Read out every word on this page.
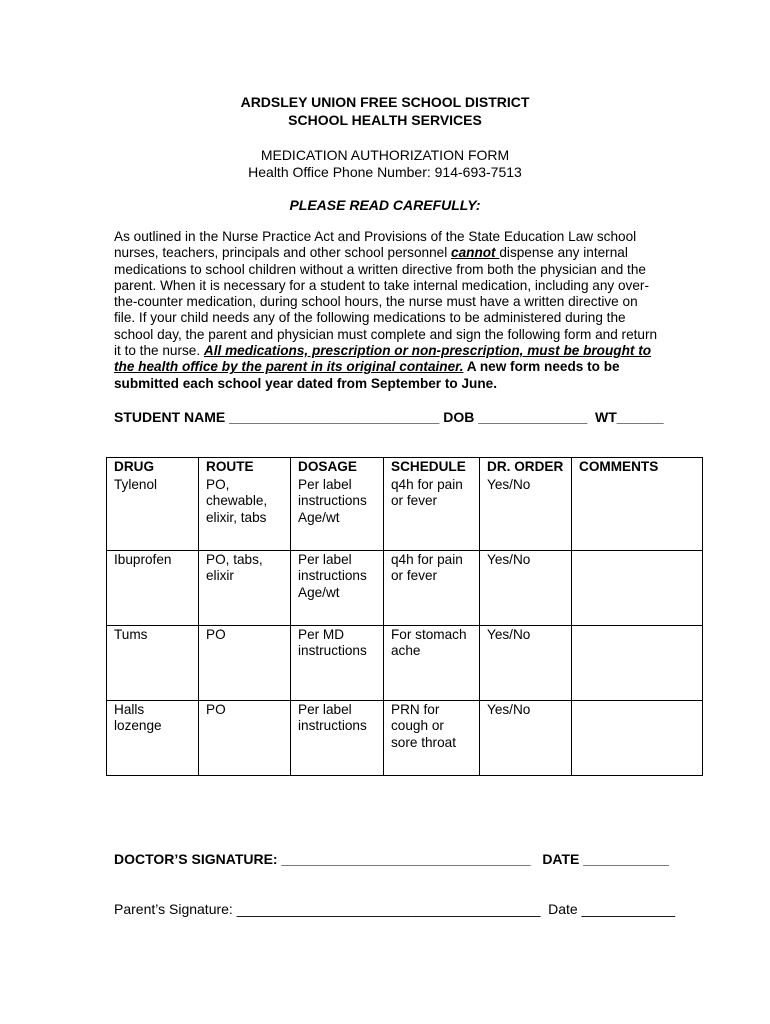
ARDSLEY UNION FREE SCHOOL DISTRICT
SCHOOL HEALTH SERVICES
MEDICATION AUTHORIZATION FORM
Health Office Phone Number: 914-693-7513
PLEASE READ CAREFULLY:
As outlined in the Nurse Practice Act and Provisions of the State Education Law school nurses, teachers, principals and other school personnel cannot dispense any internal medications to school children without a written directive from both the physician and the parent. When it is necessary for a student to take internal medication, including any over-the-counter medication, during school hours, the nurse must have a written directive on file. If your child needs any of the following medications to be administered during the school day, the parent and physician must complete and sign the following form and return it to the nurse. All medications, prescription or non-prescription, must be brought to the health office by the parent in its original container. A new form needs to be submitted each school year dated from September to June.
STUDENT NAME ___________________________ DOB ______________  WT______
DRUG	ROUTE	DOSAGE	SCHEDULE	DR. ORDER	COMMENTS
Tylenol	PO, chewable, elixir, tabs	Per label instructions Age/wt	q4h for pain or fever	Yes/No	
Ibuprofen	PO, tabs, elixir	Per label instructions Age/wt	q4h for pain or fever	Yes/No	
Tums	PO	Per MD instructions	For stomach ache	Yes/No	
Halls lozenge	PO	Per label instructions	PRN for cough or sore throat	Yes/No	
DOCTOR’S SIGNATURE: ________________________________   DATE ___________
Parent’s Signature: _______________________________________  Date ____________
